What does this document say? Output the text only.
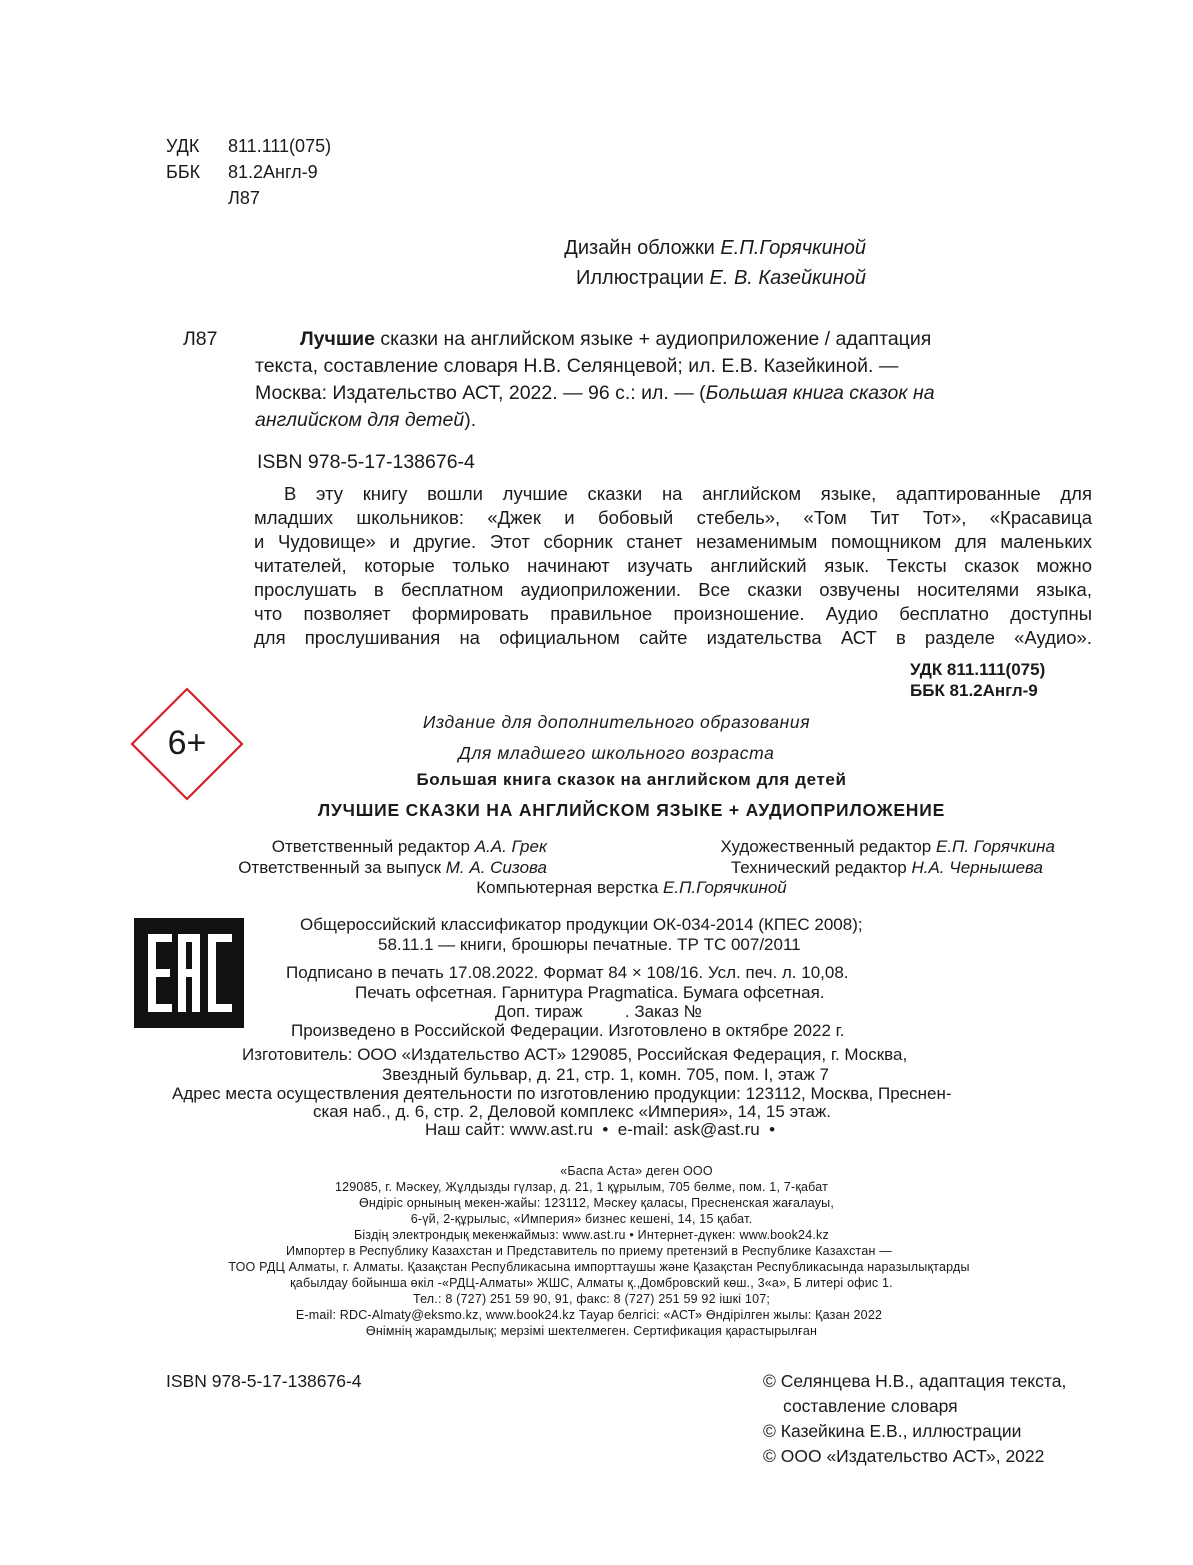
УДК 811.111(075)
ББК 81.2Англ-9
Л87
Дизайн обложки Е.П.Горячкиной
Иллюстрации Е. В. Казейкиной
Л87	Лучшие сказки на английском языке + аудиоприложение / адаптация
текста, составление словаря Н.В. Селянцевой; ил. Е.В. Казейкиной. —
Москва: Издательство АСТ, 2022. — 96 с.: ил. — (Большая книга сказок на
английском для детей).
ISBN 978-5-17-138676-4
В эту книгу вошли лучшие сказки на английском языке, адаптированные для
младших школьников: «Джек и бобовый стебель», «Том Тит Тот», «Красавица
и Чудовище» и другие. Этот сборник станет незаменимым помощником для маленьких
читателей, которые только начинают изучать английский язык. Тексты сказок можно
прослушать в бесплатном аудиоприложении. Все сказки озвучены носителями языка,
что позволяет формировать правильное произношение. Аудио бесплатно доступны
для прослушивания на официальном сайте издательства АСТ в разделе «Аудио».
УДК 811.111(075)
ББК 81.2Англ-9
6+
Издание для дополнительного образования
Для младшего школьного возраста
Большая книга сказок на английском для детей
ЛУЧШИЕ СКАЗКИ НА АНГЛИЙСКОМ ЯЗЫКЕ + АУДИОПРИЛОЖЕНИЕ
Ответственный редактор А.А. Грек
Ответственный за выпуск М. А. Сизова
Художественный редактор Е.П. Горячкина
Технический редактор Н.А. Чернышева
Компьютерная верстка Е.П.Горячкиной
Общероссийский классификатор продукции ОК-034-2014 (КПЕС 2008);
58.11.1 — книги, брошюры печатные. ТР ТС 007/2011
Подписано в печать 17.08.2022. Формат 84 × 108/16. Усл. печ. л. 10,08.
Печать офсетная. Гарнитура Pragmatica. Бумага офсетная.
Доп. тираж         . Заказ №
Произведено в Российской Федерации. Изготовлено в октябре 2022 г.
Изготовитель: ООО «Издательство АСТ» 129085, Российская Федерация, г. Москва,
Звездный бульвар, д. 21, стр. 1, комн. 705, пом. I, этаж 7
Адрес места осуществления деятельности по изготовлению продукции: 123112, Москва, Преснен-
ская наб., д. 6, стр. 2, Деловой комплекс «Империя», 14, 15 этаж.
Наш сайт: www.ast.ru  •  e-mail: ask@ast.ru  •
«Баспа Аста» деген ООО
129085, г. Мәскеу, Жұлдызды гүлзар, д. 21, 1 құрылым, 705 бөлме, пом. 1, 7-қабат
Өндіріс орнының мекен-жайы: 123112, Мәскеу қаласы, Пресненская жағалауы,
6-үй, 2-құрылыс, «Империя» бизнес кешені, 14, 15 қабат.
Біздің электрондық мекенжаймыз: www.ast.ru • Интернет-дүкен: www.book24.kz
Импортер в Республику Казахстан и Представитель по приему претензий в Республике Казахстан —
ТОО РДЦ Алматы, г. Алматы. Қазақстан Республикасына импорттаушы және Қазақстан Республикасында наразылықтарды
қабылдау бойынша өкіл -«РДЦ-Алматы» ЖШС, Алматы қ.,Домбровский көш., 3«а», Б литері офис 1.
Тел.: 8 (727) 251 59 90, 91, факс: 8 (727) 251 59 92 ішкі 107;
E-mail: RDC-Almaty@eksmo.kz, www.book24.kz Тауар белгісі: «АСТ» Өндірілген жылы: Қазан 2022
Өнімнің жарамдылық; мерзімі шектелмеген. Сертификация қарастырылған
ISBN 978-5-17-138676-4	© Селянцева Н.В., адаптация текста,
составление словаря
© Казейкина Е.В., иллюстрации
© ООО «Издательство АСТ», 2022
